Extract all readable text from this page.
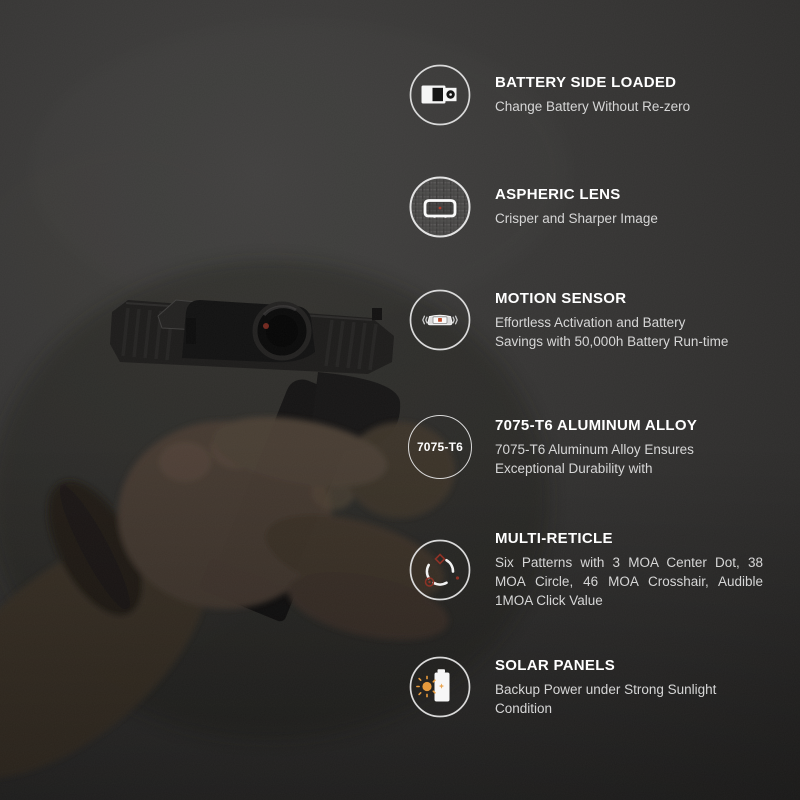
BATTERY SIDE LOADED

Change Battery Without Re-zero

ASPHERIC LENS

Crisper and Sharper Image

MOTION SENSOR

Effortless Activation and Battery Savings with 50,000h Battery Run-time

7075-T6
7075-T6 ALUMINUM ALLOY

7075-T6 Aluminum Alloy Ensures Exceptional Durability with

MULTI-RETICLE

Six Patterns with 3 MOA Center Dot, 38 MOA Circle, 46 MOA Crosshair, Audible 1MOA Click Value

SOLAR PANELS

Backup Power under Strong Sunlight Condition
